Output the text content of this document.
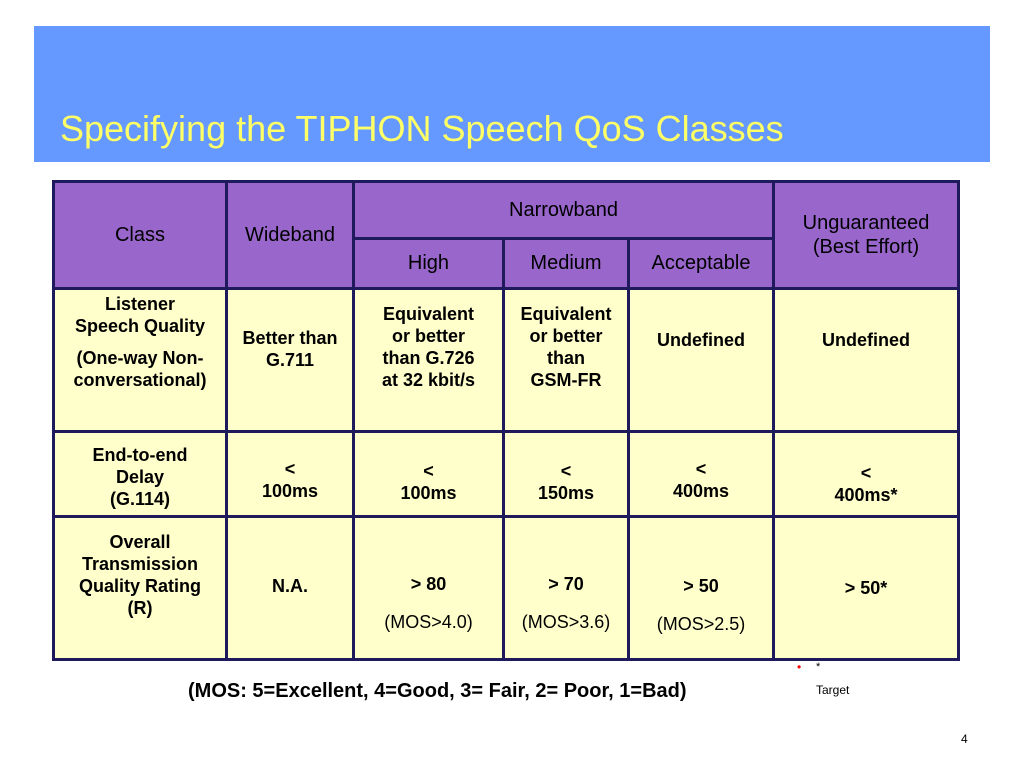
Specifying the TIPHON Speech QoS Classes
Class	Wideband	Narrowband			Unguaranteed
(Best Effort)

		High	Medium	Acceptable	

Listener
Speech Quality
(One-way Non-
conversational)	Better than
G.711	Equivalent
or better
than G.726
at 32 kbit/s	Equivalent
or better
than
GSM-FR	Undefined	Undefined

End-to-end
Delay
(G.114)	<
100ms	<
100ms	<
150ms	<
400ms	<
400ms*

Overall
Transmission
Quality Rating
(R)	N.A.	> 80
(MOS>4.0)	> 70
(MOS>3.6)	> 50
(MOS>2.5)	> 50*
(MOS: 5=Excellent, 4=Good, 3= Fair, 2= Poor, 1=Bad)
• *
Target
4
